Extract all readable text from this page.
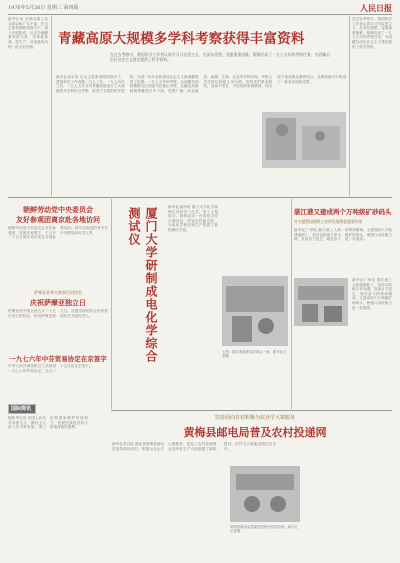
1976年5月26日 星期三 第四版	人民日报
新华社讯 全国各地工农兵群众和广大干部，在毛主席革命路线指引下，深入开展批邓、反击右倾翻案风的斗争，坚持抓革命、促生产，各条战线出现一派大好形势。	青藏高原大规模多学科考察获得丰富资料
在过去考察中，我国科学工作者认真学习马克思主义、毛泽东思想，克服重重困难，圆满完成了一九七五年的考察任务，为西藏自治区社会主义建设提供了科学资料。
新华社北京电 在毛主席革命路线指引下，我国科学工作者继一九七三年、一九七四年之后，一九七五年又对青藏高原进行了大规模的多学科综合考察，取得了丰富的科学资料，为进一步开发和建设社会主义新西藏提供了依据。一九七五年的考察，从西藏东部的横断山区到喜马拉雅山中段，从藏北高原到雅鲁藏布江中下游，范围广阔，涉及地质、地理、生物、农业等多种学科。考察人员坚持以阶级斗争为纲，坚持党的基本路线，发扬不怕苦、不怕死的革命精神，同当地干部和群众紧密结合，在调查研究中取得了一批有价值的成果。
在过去考察中，我国科学工作者认真学习马克思主义、毛泽东思想，克服重重困难，圆满完成了一九七五年的考察任务，为西藏自治区社会主义建设提供了科学资料。
朝鲜劳动党中央委员会
友好参观团离京赴各地访问
朝鲜劳动党中央委员会友好参观团，在团长率领下，于五月二十五日离开北京前往各地参观访问。到车站欢送的有中共中央联络部负责人等。
萨摩亚驻华大使举行招待会
庆祝萨摩亚独立日
萨摩亚驻中国大使五月二十五日举行招待会，庆祝萨摩亚独立日。应邀出席招待会的有我国有关方面负责人。
一九七六年中芬贸易协定在京签字
中华人民共和国和芬兰共和国一九七六年贸易协定，五月二十五日在北京签字。
国际简讯
据新华社讯 各国人民反对帝国主义、霸权主义的斗争不断发展，第三世界国家维护民族独立、发展民族经济的斗争取得新的胜利。
厦门大学研制成电化学综合测试仪	新华社福州电 厦门大学化学系师生坚持开门办学，同工人相结合，研制成功一台电化学综合测试仪，经鉴定性能良好，为电化学研究和生产提供了新的测试手段。
上图：湛江港新建成的码头一角。新华社记者摄
湛江港又建成两个万吨级矿砂码头
对支援我国钢铁工业的发展将起重要作用
新华社广州电 湛江港工人和建港职工，坚持以阶级斗争为纲，发扬自力更生、艰苦奋斗的革命精神，又建成两个万吨级矿砂码头，使港口吞吐能力进一步提高。
新华社广州电 湛江港工人和建港职工，坚持以阶级斗争为纲，发扬自力更生、艰苦奋斗的革命精神，又建成两个万吨级矿砂码头，使港口吞吐能力进一步提高。
坚持面向农村积极为农业学大寨服务
黄梅县邮电局普及农村投递网
新华社武汉电 湖北省黄梅县邮电局坚持面向农村，积极为农业学大寨服务，普及了农村投递网，全县所有生产大队都通了邮路，报刊、信件当天就能送到社员手中。
黄梅县邮电局投递员把报刊送到田间。新华社记者摄
